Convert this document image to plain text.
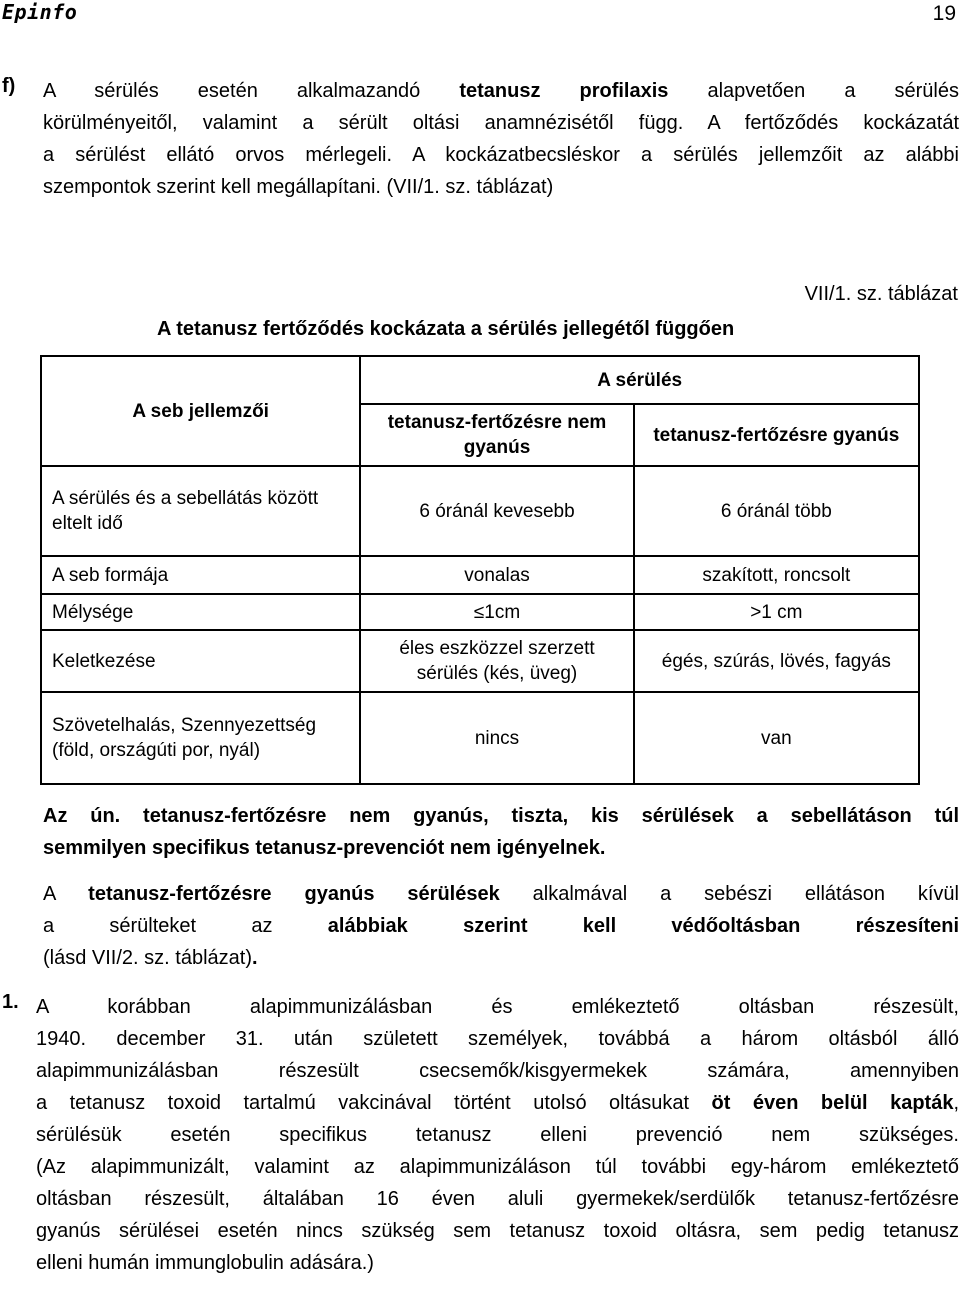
Epinfo	19
f) A sérülés esetén alkalmazandó tetanusz profilaxis alapvetően a sérülés
körülményeitől, valamint a sérült oltási anamnézisétől függ. A fertőződés kockázatát
a sérülést ellátó orvos mérlegeli. A kockázatbecsléskor a sérülés jellemzőit az alábbi
szempontok szerint kell megállapítani. (VII/1. sz. táblázat)
VII/1. sz. táblázat
A tetanusz fertőződés kockázata a sérülés jellegétől függően
A seb jellemzői	A sérülés	
	tetanusz-fertőzésre nem gyanús	tetanusz-fertőzésre gyanús
A sérülés és a sebellátás között eltelt idő	6 óránál kevesebb	6 óránál több
A seb formája	vonalas	szakított, roncsolt
Mélysége	≤1cm	>1 cm
Keletkezése	éles eszközzel szerzett sérülés (kés, üveg)	égés, szúrás, lövés, fagyás
Szövetelhalás, Szennyezettség (föld, országúti por, nyál)	nincs	van
Az ún. tetanusz-fertőzésre nem gyanús, tiszta, kis sérülések a sebellátáson túl
semmilyen specifikus tetanusz-prevenciót nem igényelnek.
A tetanusz-fertőzésre gyanús sérülések alkalmával a sebészi ellátáson kívül
a sérülteket az alábbiak szerint kell védőoltásban részesíteni
(lásd VII/2. sz. táblázat).
1. A korábban alapimmunizálásban és emlékeztető oltásban részesült,
1940. december 31. után született személyek, továbbá a három oltásból álló
alapimmunizálásban részesült csecsemők/kisgyermekek számára, amennyiben
a tetanusz toxoid tartalmú vakcinával történt utolsó oltásukat öt éven belül kapták,
sérülésük esetén specifikus tetanusz elleni prevenció nem szükséges.
(Az alapimmunizált, valamint az alapimmunizáláson túl további egy-három emlékeztető
oltásban részesült, általában 16 éven aluli gyermekek/serdülők tetanusz-fertőzésre
gyanús sérülései esetén nincs szükség sem tetanusz toxoid oltásra, sem pedig tetanusz
elleni humán immunglobulin adására.)
